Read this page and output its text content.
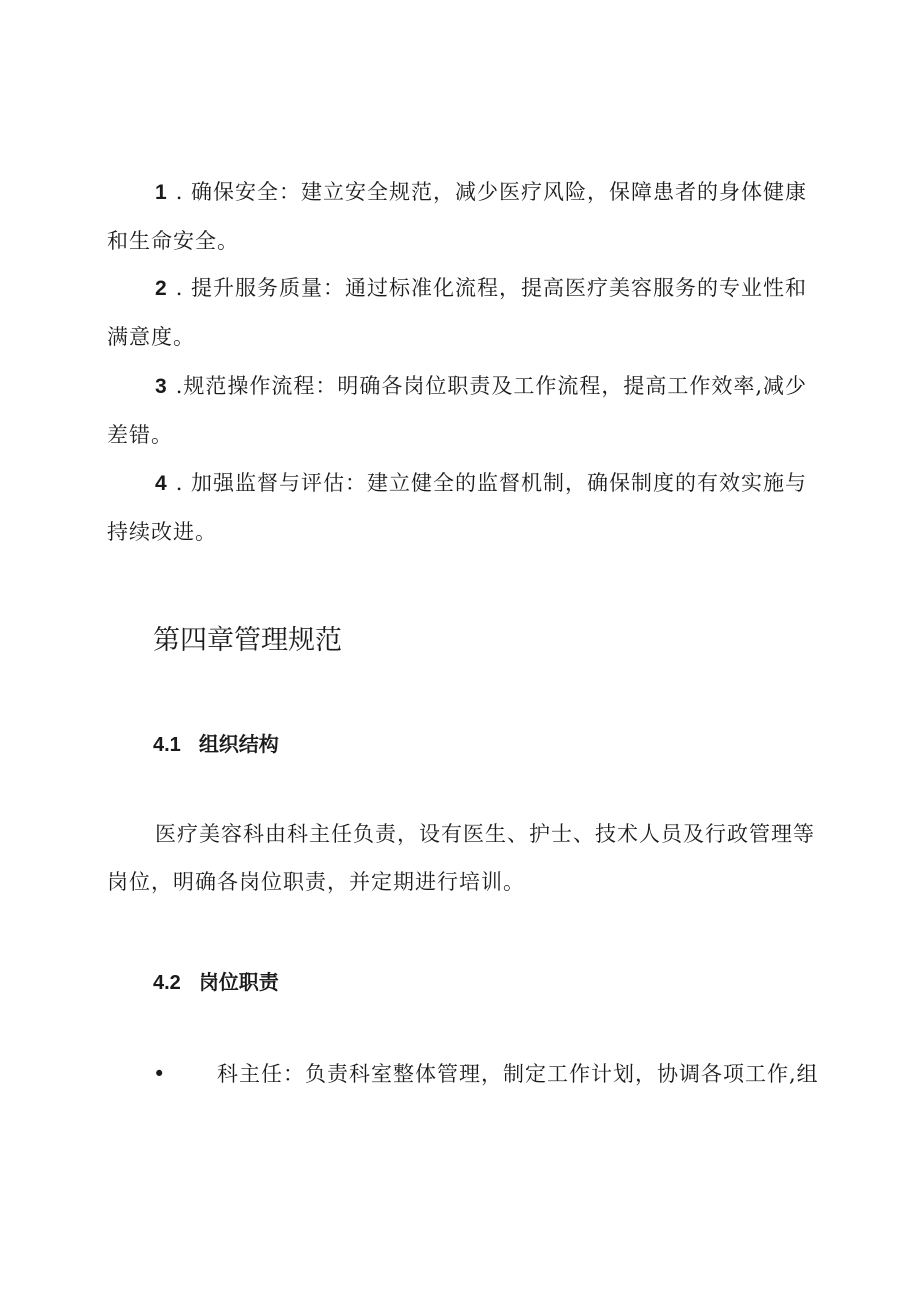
1 . 确保安全：建立安全规范，减少医疗风险，保障患者的身体健康和生命安全。

2 . 提升服务质量：通过标准化流程，提高医疗美容服务的专业性和满意度。

3 .规范操作流程：明确各岗位职责及工作流程，提高工作效率,减少差错。

4 . 加强监督与评估：建立健全的监督机制，确保制度的有效实施与持续改进。

第四章管理规范
4.1 组织结构

医疗美容科由科主任负责，设有医生、护士、技术人员及行政管理等岗位，明确各岗位职责，并定期进行培训。

4.2 岗位职责
• 科主任：负责科室整体管理，制定工作计划，协调各项工作,组
